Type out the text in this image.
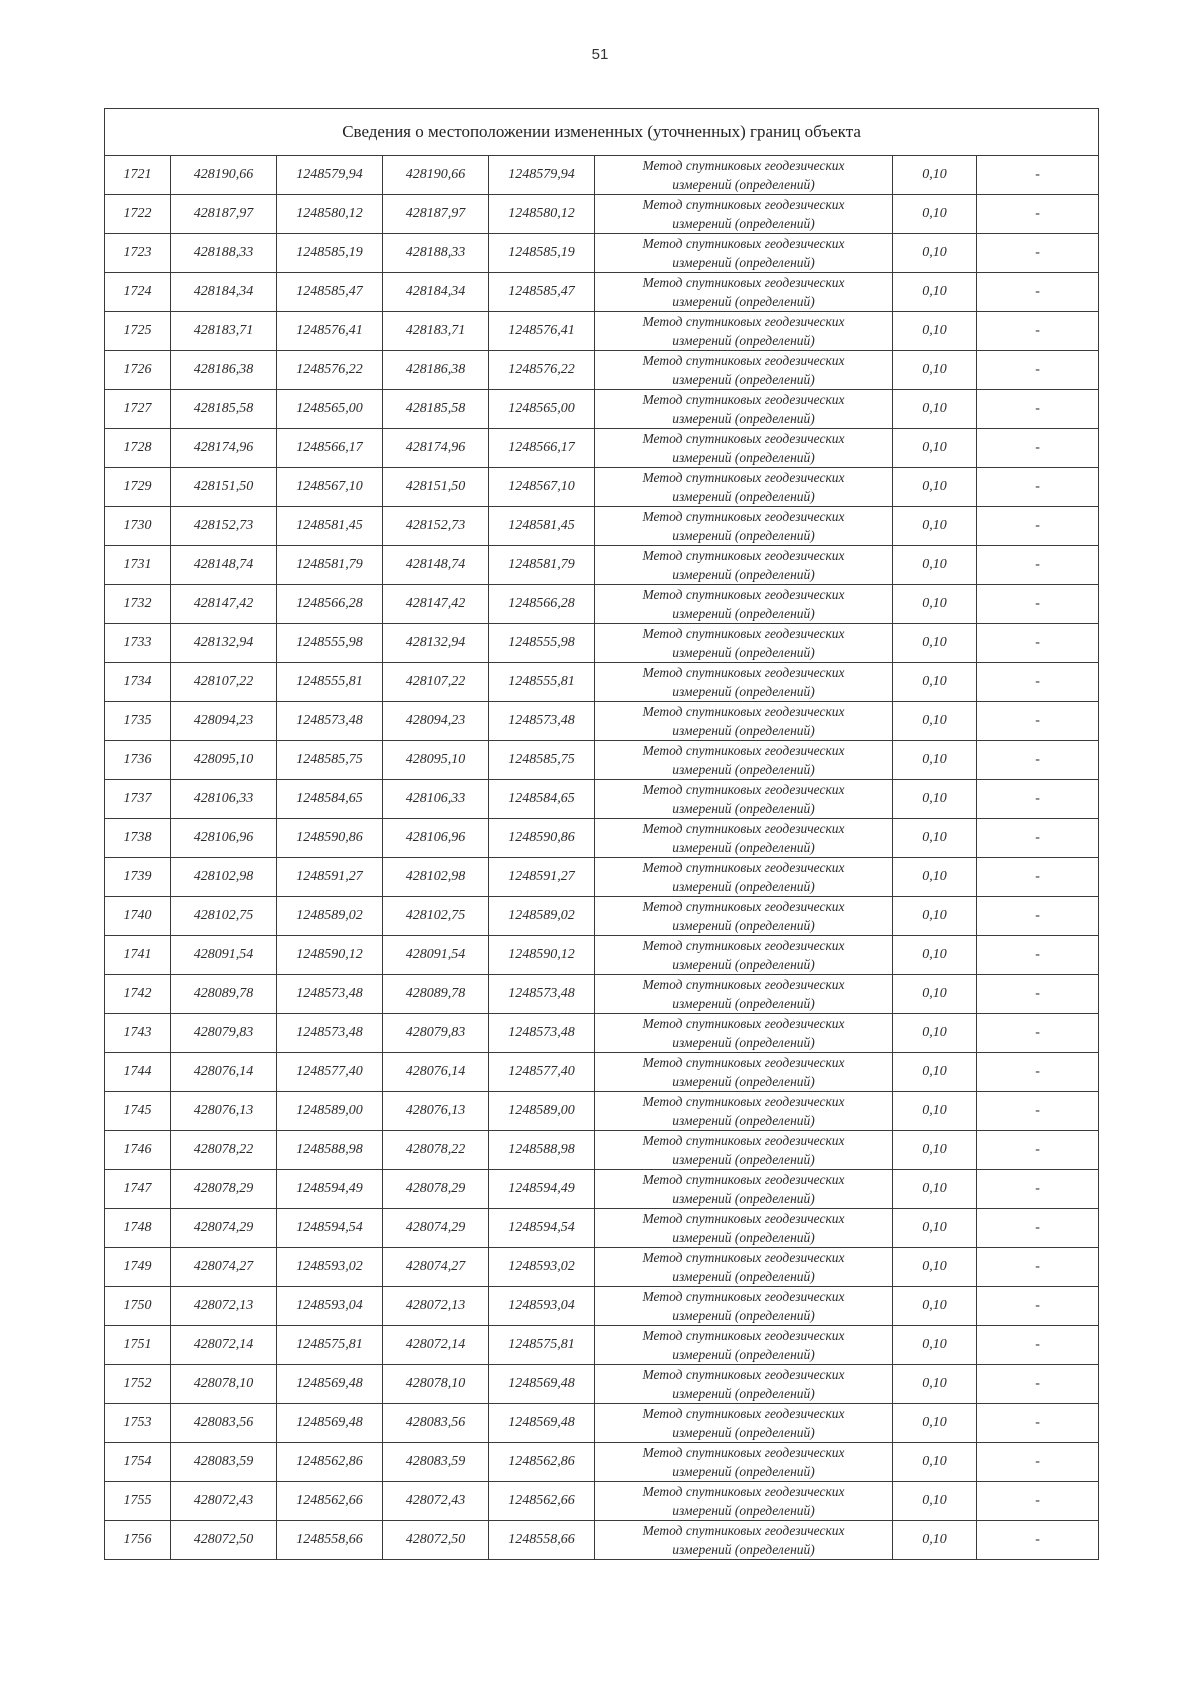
51
Сведения о местоположении измененных (уточненных) границ объекта							
1721	428190,66	1248579,94	428190,66	1248579,94	Метод спутниковых геодезических
измерений (определений)	0,10	-
1722	428187,97	1248580,12	428187,97	1248580,12	Метод спутниковых геодезических
измерений (определений)	0,10	-
1723	428188,33	1248585,19	428188,33	1248585,19	Метод спутниковых геодезических
измерений (определений)	0,10	-
1724	428184,34	1248585,47	428184,34	1248585,47	Метод спутниковых геодезических
измерений (определений)	0,10	-
1725	428183,71	1248576,41	428183,71	1248576,41	Метод спутниковых геодезических
измерений (определений)	0,10	-
1726	428186,38	1248576,22	428186,38	1248576,22	Метод спутниковых геодезических
измерений (определений)	0,10	-
1727	428185,58	1248565,00	428185,58	1248565,00	Метод спутниковых геодезических
измерений (определений)	0,10	-
1728	428174,96	1248566,17	428174,96	1248566,17	Метод спутниковых геодезических
измерений (определений)	0,10	-
1729	428151,50	1248567,10	428151,50	1248567,10	Метод спутниковых геодезических
измерений (определений)	0,10	-
1730	428152,73	1248581,45	428152,73	1248581,45	Метод спутниковых геодезических
измерений (определений)	0,10	-
1731	428148,74	1248581,79	428148,74	1248581,79	Метод спутниковых геодезических
измерений (определений)	0,10	-
1732	428147,42	1248566,28	428147,42	1248566,28	Метод спутниковых геодезических
измерений (определений)	0,10	-
1733	428132,94	1248555,98	428132,94	1248555,98	Метод спутниковых геодезических
измерений (определений)	0,10	-
1734	428107,22	1248555,81	428107,22	1248555,81	Метод спутниковых геодезических
измерений (определений)	0,10	-
1735	428094,23	1248573,48	428094,23	1248573,48	Метод спутниковых геодезических
измерений (определений)	0,10	-
1736	428095,10	1248585,75	428095,10	1248585,75	Метод спутниковых геодезических
измерений (определений)	0,10	-
1737	428106,33	1248584,65	428106,33	1248584,65	Метод спутниковых геодезических
измерений (определений)	0,10	-
1738	428106,96	1248590,86	428106,96	1248590,86	Метод спутниковых геодезических
измерений (определений)	0,10	-
1739	428102,98	1248591,27	428102,98	1248591,27	Метод спутниковых геодезических
измерений (определений)	0,10	-
1740	428102,75	1248589,02	428102,75	1248589,02	Метод спутниковых геодезических
измерений (определений)	0,10	-
1741	428091,54	1248590,12	428091,54	1248590,12	Метод спутниковых геодезических
измерений (определений)	0,10	-
1742	428089,78	1248573,48	428089,78	1248573,48	Метод спутниковых геодезических
измерений (определений)	0,10	-
1743	428079,83	1248573,48	428079,83	1248573,48	Метод спутниковых геодезических
измерений (определений)	0,10	-
1744	428076,14	1248577,40	428076,14	1248577,40	Метод спутниковых геодезических
измерений (определений)	0,10	-
1745	428076,13	1248589,00	428076,13	1248589,00	Метод спутниковых геодезических
измерений (определений)	0,10	-
1746	428078,22	1248588,98	428078,22	1248588,98	Метод спутниковых геодезических
измерений (определений)	0,10	-
1747	428078,29	1248594,49	428078,29	1248594,49	Метод спутниковых геодезических
измерений (определений)	0,10	-
1748	428074,29	1248594,54	428074,29	1248594,54	Метод спутниковых геодезических
измерений (определений)	0,10	-
1749	428074,27	1248593,02	428074,27	1248593,02	Метод спутниковых геодезических
измерений (определений)	0,10	-
1750	428072,13	1248593,04	428072,13	1248593,04	Метод спутниковых геодезических
измерений (определений)	0,10	-
1751	428072,14	1248575,81	428072,14	1248575,81	Метод спутниковых геодезических
измерений (определений)	0,10	-
1752	428078,10	1248569,48	428078,10	1248569,48	Метод спутниковых геодезических
измерений (определений)	0,10	-
1753	428083,56	1248569,48	428083,56	1248569,48	Метод спутниковых геодезических
измерений (определений)	0,10	-
1754	428083,59	1248562,86	428083,59	1248562,86	Метод спутниковых геодезических
измерений (определений)	0,10	-
1755	428072,43	1248562,66	428072,43	1248562,66	Метод спутниковых геодезических
измерений (определений)	0,10	-
1756	428072,50	1248558,66	428072,50	1248558,66	Метод спутниковых геодезических
измерений (определений)	0,10	-
